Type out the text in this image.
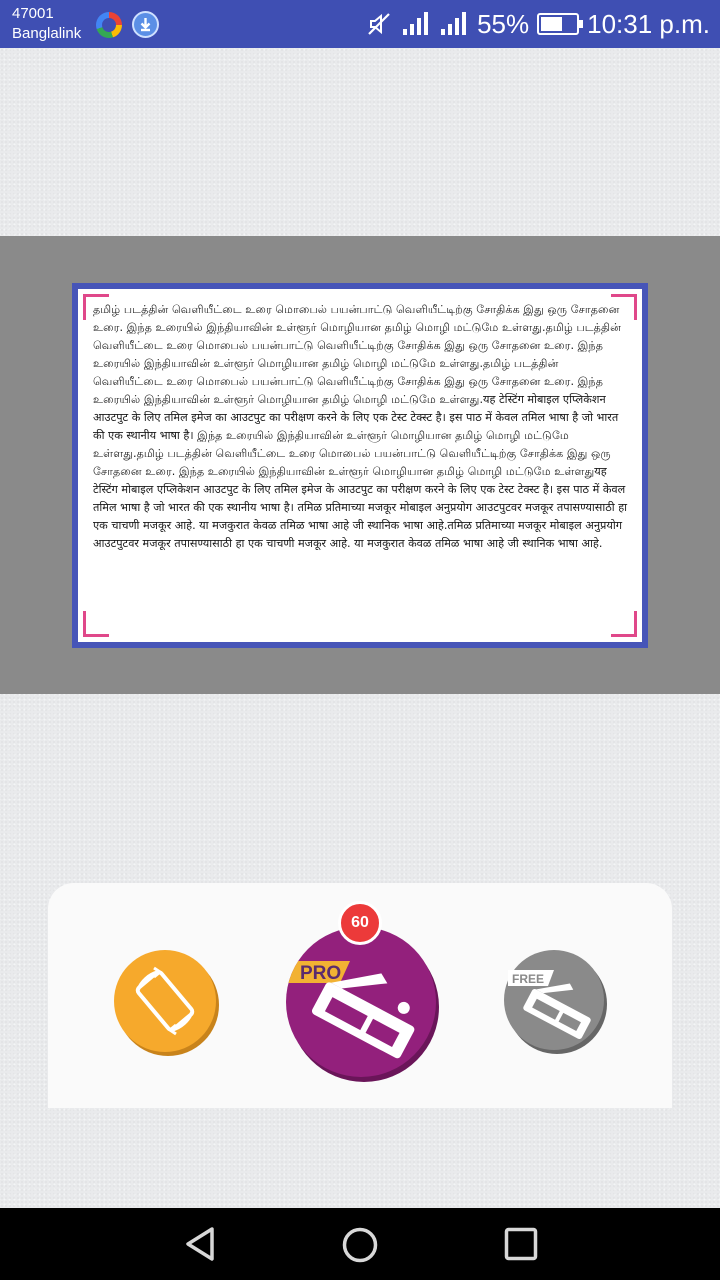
47001
Banglalink	55% 10:31 p.m.

தமிழ் படத்தின் வெளியீட்டை உரை மொபைல் பயன்பாட்டு வெளியீட்டிற்கு சோதிக்க இது ஒரு சோதனை உரை. இந்த உரையில் இந்தியாவின் உள்ளூர் மொழியான தமிழ் மொழி மட்டுமே உள்ளது.தமிழ் படத்தின் வெளியீட்டை உரை மொபைல் பயன்பாட்டு வெளியீட்டிற்கு சோதிக்க இது ஒரு சோதனை உரை. இந்த உரையில் இந்தியாவின் உள்ளூர் மொழியான தமிழ் மொழி மட்டுமே உள்ளது.தமிழ் படத்தின் வெளியீட்டை உரை மொபைல் பயன்பாட்டு வெளியீட்டிற்கு சோதிக்க இது ஒரு சோதனை உரை. இந்த உரையில் இந்தியாவின் உள்ளூர் மொழியான தமிழ் மொழி மட்டுமே உள்ளது.यह टेस्टिंग मोबाइल एप्लिकेशन आउटपुट के लिए तमिल इमेज का आउटपुट का परीक्षण करने के लिए एक टेस्ट टेक्स्ट है। इस पाठ में केवल तमिल भाषा है जो भारत की एक स्थानीय भाषा है। இந்த உரையில் இந்தியாவின் உள்ளூர் மொழியான தமிழ் மொழி மட்டுமே உள்ளது.தமிழ் படத்தின் வெளியீட்டை உரை மொபைல் பயன்பாட்டு வெளியீட்டிற்கு சோதிக்க இது ஒரு சோதனை உரை. இந்த உரையில் இந்தியாவின் உள்ளூர் மொழியான தமிழ் மொழி மட்டுமே உள்ளதுयह टेस्टिंग मोबाइल एप्लिकेशन आउटपुट के लिए तमिल इमेज के आउटपुट का परीक्षण करने के लिए एक टेस्ट टेक्स्ट है। इस पाठ में केवल तमिल भाषा है जो भारत की एक स्थानीय भाषा है। तमिळ प्रतिमाच्या मजकूर मोबाइल अनुप्रयोग आउटपुटवर मजकूर तपासण्यासाठी हा एक चाचणी मजकूर आहे. या मजकुरात केवळ तमिळ भाषा आहे जी स्थानिक भाषा आहे.तमिळ प्रतिमाच्या मजकूर मोबाइल अनुप्रयोग आउटपुटवर मजकूर तपासण्यासाठी हा एक चाचणी मजकूर आहे. या मजकुरात केवळ तमिळ भाषा आहे जी स्थानिक भाषा आहे.

PRO
60
FREE
